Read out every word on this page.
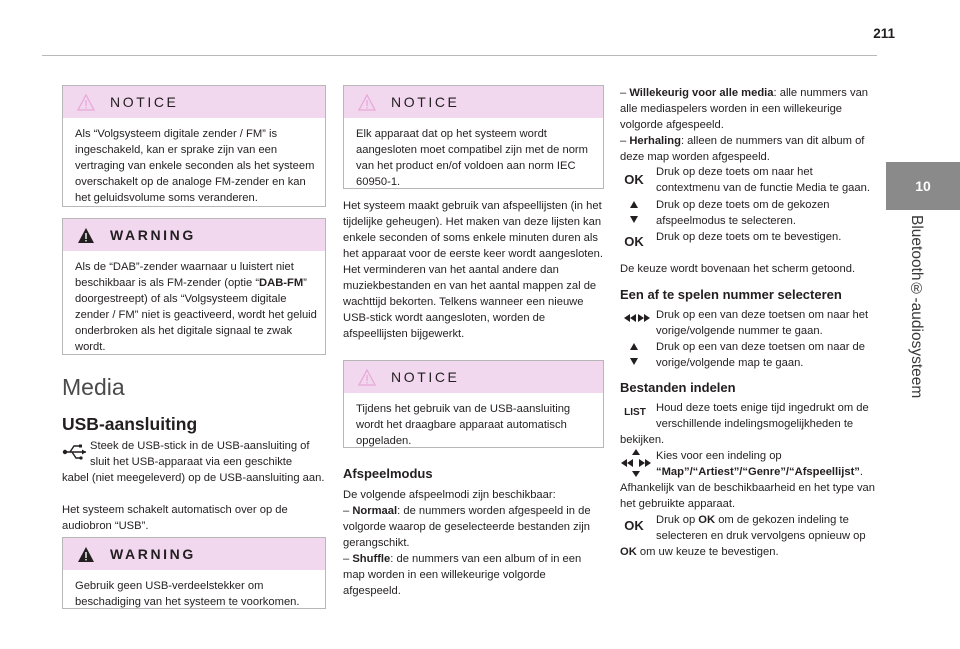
211
10
Bluetooth®-audiosysteem
NOTICE
Als “Volgsysteem digitale zender / FM” is ingeschakeld, kan er sprake zijn van een vertraging van enkele seconden als het systeem overschakelt op de analoge FM-zender en kan het geluidsvolume soms veranderen.
WARNING
Als de “DAB”-zender waarnaar u luistert niet beschikbaar is als FM-zender (optie “DAB-FM” doorgestreept) of als “Volgsysteem digitale zender / FM” niet is geactiveerd, wordt het geluid onderbroken als het digitale signaal te zwak wordt.
Media
USB-aansluiting
Steek de USB-stick in de USB-aansluiting of sluit het USB-apparaat via een geschikte
kabel (niet meegeleverd) op de USB-aansluiting aan.
Het systeem schakelt automatisch over op de audiobron “USB”.
WARNING
Gebruik geen USB-verdeelstekker om beschadiging van het systeem te voorkomen.
NOTICE
Elk apparaat dat op het systeem wordt aangesloten moet compatibel zijn met de norm van het product en/of voldoen aan norm IEC 60950-1.
Het systeem maakt gebruik van afspeellijsten (in het tijdelijke geheugen). Het maken van deze lijsten kan enkele seconden of soms enkele minuten duren als het apparaat voor de eerste keer wordt aangesloten.
Het verminderen van het aantal andere dan muziekbestanden en van het aantal mappen zal de wachttijd bekorten. Telkens wanneer een nieuwe USB-stick wordt aangesloten, worden de afspeellijsten bijgewerkt.
NOTICE
Tijdens het gebruik van de USB-aansluiting wordt het draagbare apparaat automatisch opgeladen.
Afspeelmodus
De volgende afspeelmodi zijn beschikbaar:
– Normaal: de nummers worden afgespeeld in de volgorde waarop de geselecteerde bestanden zijn gerangschikt.
– Shuffle: de nummers van een album of in een map worden in een willekeurige volgorde afgespeeld.
– Willekeurig voor alle media: alle nummers van alle mediaspelers worden in een willekeurige volgorde afgespeeld.
– Herhaling: alleen de nummers van dit album of deze map worden afgespeeld.
OK	Druk op deze toets om naar het contextmenu van de functie Media te gaan.
Druk op deze toets om de gekozen afspeelmodus te selecteren.
OK	Druk op deze toets om te bevestigen.
De keuze wordt bovenaan het scherm getoond.
Een af te spelen nummer selecteren
Druk op een van deze toetsen om naar het vorige/volgende nummer te gaan.
Druk op een van deze toetsen om naar de vorige/volgende map te gaan.
Bestanden indelen
LIST Houd deze toets enige tijd ingedrukt om de verschillende indelingsmogelijkheden te
bekijken.
Kies voor een indeling op
“Map”/“Artiest”/“Genre”/“Afspeellijst”.
Afhankelijk van de beschikbaarheid en het type van het gebruikte apparaat.
OK	Druk op OK om de gekozen indeling te selecteren en druk vervolgens opnieuw op
OK om uw keuze te bevestigen.
